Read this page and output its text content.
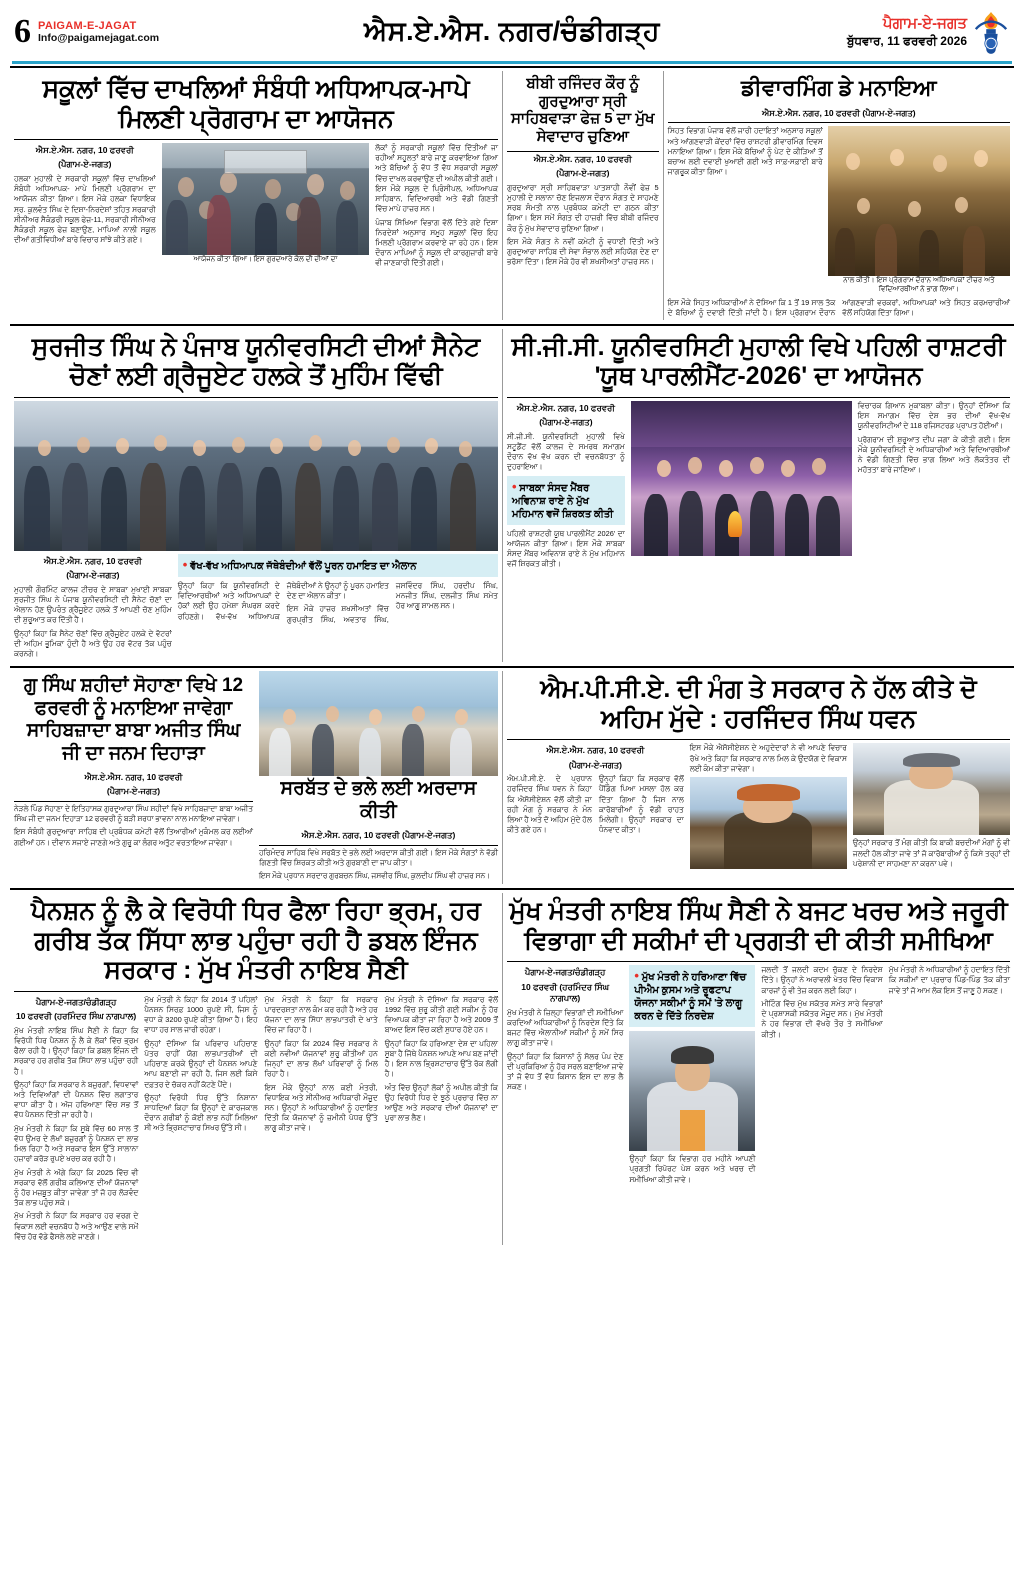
6 PAIGAM-E-JAGAT
Info@paigamejagat.com	ਐਸ.ਏ.ਐਸ. ਨਗਰ/ਚੰਡੀਗੜ੍ਹ	ਪੈਗਾਮ-ਏ-ਜਗਤ
ਬੁੱਧਵਾਰ, 11 ਫਰਵਰੀ 2026
ਸਕੂਲਾਂ ਵਿੱਚ ਦਾਖਲਿਆਂ ਸੰਬੰਧੀ ਅਧਿਆਪਕ-ਮਾਪੇ ਮਿਲਣੀ ਪ੍ਰੋਗਰਾਮ ਦਾ ਆਯੋਜਨ
ਐਸ.ਏ.ਐਸ. ਨਗਰ, 10 ਫਰਵਰੀ
(ਪੈਗਾਮ-ਏ-ਜਗਤ)

ਹਲਕਾ ਮੁਹਾਲੀ ਦੇ ਸਰਕਾਰੀ ਸਕੂਲਾਂ ਵਿੱਚ ਦਾਖਲਿਆਂ ਸੰਬੰਧੀ ਅਧਿਆਪਕ- ਮਾਪੇ ਮਿਲਣੀ ਪ੍ਰੋਗਰਾਮ ਦਾ ਆਯੋਜਨ ਕੀਤਾ ਗਿਆ। ਇਸ ਮੌਕੇ ਹਲਕਾ ਵਿਧਾਇਕ ਸ੍ਰ. ਕੁਲਵੰਤ ਸਿੰਘ ਦੇ ਦਿਸ਼ਾ-ਨਿਰਦੇਸ਼ਾਂ ਤਹਿਤ ਸਰਕਾਰੀ ਸੀਨੀਅਰ ਸੈਕੰਡਰੀ ਸਕੂਲ ਫੇਜ਼-11, ਸਰਕਾਰੀ ਸੀਨੀਅਰ ਸੈਕੰਡਰੀ ਸਕੂਲ ਫੇਜ਼ ਬਣਾਉਣ, ਮਾਪਿਆਂ ਨਾਲੀ ਸਕੂਲ ਦੀਆਂ ਗਤੀਵਿਧੀਆਂ ਬਾਰੇ ਵਿਚਾਰ ਸਾਂਝੇ ਕੀਤੇ ਗਏ।

ਆਯੋਜਨ ਕੀਤਾ ਗਿਆ। ਇਸ ਗੁਰਦਆਰੇ ਕੋਲ ਦੀ ਦੀਆਂ ਦਾ

ਲੋਕਾਂ ਨੂੰ ਸਰਕਾਰੀ ਸਕੂਲਾਂ ਵਿੱਚ ਦਿੱਤੀਆਂ ਜਾ ਰਹੀਆਂ ਸਹੂਲਤਾਂ ਬਾਰੇ ਜਾਣੂ ਕਰਵਾਇਆ ਗਿਆ ਅਤੇ ਬੱਚਿਆਂ ਨੂੰ ਵੱਧ ਤੋਂ ਵੱਧ ਸਰਕਾਰੀ ਸਕੂਲਾਂ ਵਿੱਚ ਦਾਖਲ ਕਰਵਾਉਣ ਦੀ ਅਪੀਲ ਕੀਤੀ ਗਈ। ਇਸ ਮੌਕੇ ਸਕੂਲ ਦੇ ਪ੍ਰਿੰਸੀਪਲ, ਅਧਿਆਪਕ ਸਾਹਿਬਾਨ, ਵਿਦਿਆਰਥੀ ਅਤੇ ਵੱਡੀ ਗਿਣਤੀ ਵਿੱਚ ਮਾਪੇ ਹਾਜ਼ਰ ਸਨ।

ਪੰਜਾਬ ਸਿੱਖਿਆ ਵਿਭਾਗ ਵੱਲੋਂ ਦਿੱਤੇ ਗਏ ਦਿਸ਼ਾ ਨਿਰਦੇਸ਼ਾਂ ਅਨੁਸਾਰ ਸਮੂਹ ਸਕੂਲਾਂ ਵਿੱਚ ਇਹ ਮਿਲਣੀ ਪ੍ਰੋਗਰਾਮ ਕਰਵਾਏ ਜਾ ਰਹੇ ਹਨ। ਇਸ ਦੌਰਾਨ ਮਾਪਿਆਂ ਨੂੰ ਸਕੂਲ ਦੀ ਕਾਰਗੁਜ਼ਾਰੀ ਬਾਰੇ ਵੀ ਜਾਣਕਾਰੀ ਦਿੱਤੀ ਗਈ।

ਬੀਬੀ ਰਜਿੰਦਰ ਕੌਰ ਨੂੰ ਗੁਰਦੁਆਰਾ ਸ੍ਰੀ ਸਾਹਿਬਵਾੜਾ ਫੇਜ਼ 5 ਦਾ ਮੁੱਖ ਸੇਵਾਦਾਰ ਚੁਣਿਆ
ਐਸ.ਏ.ਐਸ. ਨਗਰ, 10 ਫਰਵਰੀ
(ਪੈਗਾਮ-ਏ-ਜਗਤ)

ਗੁਰਦੁਆਰਾ ਸ੍ਰੀ ਸਾਹਿਬਵਾੜਾ ਪਾਤਸ਼ਾਹੀ ਨੌਵੀਂ ਫੇਜ਼ 5 ਮੁਹਾਲੀ ਦੇ ਸਲਾਨਾ ਚੋਣ ਇਜਲਾਸ ਦੌਰਾਨ ਸੰਗਤ ਦੇ ਸਾਹਮਣੇ ਸਰਬ ਸੰਮਤੀ ਨਾਲ ਪ੍ਰਬੰਧਕ ਕਮੇਟੀ ਦਾ ਗਠਨ ਕੀਤਾ ਗਿਆ। ਇਸ ਸਮੇਂ ਸੰਗਤ ਦੀ ਹਾਜ਼ਰੀ ਵਿੱਚ ਬੀਬੀ ਰਜਿੰਦਰ ਕੌਰ ਨੂੰ ਮੁੱਖ ਸੇਵਾਦਾਰ ਚੁਣਿਆ ਗਿਆ।

ਇਸ ਮੌਕੇ ਸੰਗਤ ਨੇ ਨਵੀਂ ਕਮੇਟੀ ਨੂੰ ਵਧਾਈ ਦਿੱਤੀ ਅਤੇ ਗੁਰਦੁਆਰਾ ਸਾਹਿਬ ਦੀ ਸੇਵਾ ਸੰਭਾਲ ਲਈ ਸਹਿਯੋਗ ਦੇਣ ਦਾ ਭਰੋਸਾ ਦਿੱਤਾ। ਇਸ ਮੌਕੇ ਹੋਰ ਵੀ ਸ਼ਖਸੀਅਤਾਂ ਹਾਜ਼ਰ ਸਨ।

ਡੀਵਾਰਮਿੰਗ ਡੇ ਮਨਾਇਆ
ਐਸ.ਏ.ਐਸ. ਨਗਰ, 10 ਫਰਵਰੀ (ਪੈਗਾਮ-ਏ-ਜਗਤ)

ਸਿਹਤ ਵਿਭਾਗ ਪੰਜਾਬ ਵੱਲੋਂ ਜਾਰੀ ਹਦਾਇਤਾਂ ਅਨੁਸਾਰ ਸਕੂਲਾਂ ਅਤੇ ਆਂਗਣਵਾੜੀ ਕੇਂਦਰਾਂ ਵਿੱਚ ਰਾਸ਼ਟਰੀ ਡੀਵਾਰਮਿੰਗ ਦਿਵਸ ਮਨਾਇਆ ਗਿਆ। ਇਸ ਮੌਕੇ ਬੱਚਿਆਂ ਨੂੰ ਪੇਟ ਦੇ ਕੀੜਿਆਂ ਤੋਂ ਬਚਾਅ ਲਈ ਦਵਾਈ ਖੁਆਈ ਗਈ ਅਤੇ ਸਾਫ਼-ਸਫ਼ਾਈ ਬਾਰੇ ਜਾਗਰੂਕ ਕੀਤਾ ਗਿਆ।

ਨਾਲ ਕੀਤੀ। ਇਸ ਪ੍ਰੋਗਰਾਮ ਦੌਰਾਨ ਅਧਿਆਪਕਾਂ ਟੀਚਰ ਅਤੇ ਵਿਦਿਆਰਥੀਆਂ ਨੇ ਭਾਗ ਲਿਆ।

ਇਸ ਮੌਕੇ ਸਿਹਤ ਅਧਿਕਾਰੀਆਂ ਨੇ ਦੱਸਿਆ ਕਿ 1 ਤੋਂ 19 ਸਾਲ ਤੱਕ ਦੇ ਬੱਚਿਆਂ ਨੂੰ ਦਵਾਈ ਦਿੱਤੀ ਜਾਂਦੀ ਹੈ। ਇਸ ਪ੍ਰੋਗਰਾਮ ਦੌਰਾਨ ਆਂਗਣਵਾੜੀ ਵਰਕਰਾਂ, ਅਧਿਆਪਕਾਂ ਅਤੇ ਸਿਹਤ ਕਰਮਚਾਰੀਆਂ ਵੱਲੋਂ ਸਹਿਯੋਗ ਦਿੱਤਾ ਗਿਆ।

ਸੁਰਜੀਤ ਸਿੰਘ ਨੇ ਪੰਜਾਬ ਯੂਨੀਵਰਸਿਟੀ ਦੀਆਂ ਸੈਨੇਟ ਚੋਣਾਂ ਲਈ ਗ੍ਰੈਜੂਏਟ ਹਲਕੇ ਤੋਂ ਮੁਹਿੰਮ ਵਿੱਢੀ
ਐਸ.ਏ.ਐਸ. ਨਗਰ, 10 ਫਰਵਰੀ
(ਪੈਗਾਮ-ਏ-ਜਗਤ)

ਮੁਹਾਲੀ ਗੌਰਮਿੰਟ ਕਾਲਜ ਟੀਚਰ ਦੇ ਸਾਬਕਾ ਮੁਖਾਈ ਸਾਬਕਾ ਸੁਰਜੀਤ ਸਿੰਘ ਨੇ ਪੰਜਾਬ ਯੂਨੀਵਰਸਿਟੀ ਦੀ ਸੈਨੇਟ ਚੋਣਾਂ ਦਾ ਐਲਾਨ ਹੋਣ ਉਪਰੰਤ ਗ੍ਰੈਜੂਏਟ ਹਲਕੇ ਤੋਂ ਆਪਣੀ ਚੋਣ ਮੁਹਿੰਮ ਦੀ ਸ਼ੁਰੂਆਤ ਕਰ ਦਿੱਤੀ ਹੈ।

ਉਨ੍ਹਾਂ ਕਿਹਾ ਕਿ ਸੈਨੇਟ ਚੋਣਾਂ ਵਿੱਚ ਗ੍ਰੈਜੂਏਟ ਹਲਕੇ ਦੇ ਵੋਟਰਾਂ ਦੀ ਅਹਿਮ ਭੂਮਿਕਾ ਹੁੰਦੀ ਹੈ ਅਤੇ ਉਹ ਹਰ ਵੋਟਰ ਤੱਕ ਪਹੁੰਚ ਕਰਨਗੇ।

• ਵੱਖ-ਵੱਖ ਅਧਿਆਪਕ ਜੱਥੇਬੰਦੀਆਂ ਵੱਲੋਂ ਪੂਰਨ ਹਮਾਇਤ ਦਾ ਐਲਾਨ

ਉਨ੍ਹਾਂ ਕਿਹਾ ਕਿ ਯੂਨੀਵਰਸਿਟੀ ਦੇ ਵਿਦਿਆਰਥੀਆਂ ਅਤੇ ਅਧਿਆਪਕਾਂ ਦੇ ਹੱਕਾਂ ਲਈ ਉਹ ਹਮੇਸ਼ਾ ਸੰਘਰਸ਼ ਕਰਦੇ ਰਹਿਣਗੇ। ਵੱਖ-ਵੱਖ ਅਧਿਆਪਕ ਜੱਥੇਬੰਦੀਆਂ ਨੇ ਉਨ੍ਹਾਂ ਨੂੰ ਪੂਰਨ ਹਮਾਇਤ ਦੇਣ ਦਾ ਐਲਾਨ ਕੀਤਾ।

ਇਸ ਮੌਕੇ ਹਾਜ਼ਰ ਸ਼ਖਸੀਅਤਾਂ ਵਿੱਚ ਗੁਰਪ੍ਰੀਤ ਸਿੰਘ, ਅਵਤਾਰ ਸਿੰਘ, ਜਸਵਿੰਦਰ ਸਿੰਘ, ਹਰਦੀਪ ਸਿੰਘ, ਮਨਜੀਤ ਸਿੰਘ, ਦਲਜੀਤ ਸਿੰਘ ਸਮੇਤ ਹੋਰ ਆਗੂ ਸ਼ਾਮਲ ਸਨ।

ਸੀ.ਜੀ.ਸੀ. ਯੂਨੀਵਰਸਿਟੀ ਮੁਹਾਲੀ ਵਿਖੇ ਪਹਿਲੀ ਰਾਸ਼ਟਰੀ 'ਯੂਥ ਪਾਰਲੀਮੈਂਟ-2026' ਦਾ ਆਯੋਜਨ
ਐਸ.ਏ.ਐਸ. ਨਗਰ, 10 ਫਰਵਰੀ
(ਪੈਗਾਮ-ਏ-ਜਗਤ)

ਸੀ.ਜੀ.ਸੀ. ਯੂਨੀਵਰਸਿਟੀ ਮੁਹਾਲੀ ਵਿਖੇ ਸਟੂਡੈਂਟ ਵੱਲੋਂ ਕਾਲਜ ਦੇ ਸਮਰਥ ਸਮਾਗਮ ਦੌਰਾਨ ਵੱਖ ਵੱਖ ਕਰਨ ਦੀ ਵਚਨਬੱਧਤਾ ਨੂੰ ਦੁਹਰਾਇਆ।

• ਸਾਬਕਾ ਸੰਸਦ ਮੈਂਬਰ ਅਵਿਨਾਸ਼ ਰਾਏ ਨੇ ਮੁੱਖ ਮਹਿਮਾਨ ਵਜੋਂ ਸ਼ਿਰਕਤ ਕੀਤੀ

ਪਹਿਲੀ ਰਾਸ਼ਟਰੀ ਯੂਥ ਪਾਰਲੀਮੈਂਟ 2026' ਦਾ ਆਯੋਜਨ ਕੀਤਾ ਗਿਆ। ਇਸ ਮੌਕੇ ਸਾਬਕਾ ਸੰਸਦ ਮੈਂਬਰ ਅਵਿਨਾਸ਼ ਰਾਏ ਨੇ ਮੁੱਖ ਮਹਿਮਾਨ ਵਜੋਂ ਸ਼ਿਰਕਤ ਕੀਤੀ।

ਵਿਚਾਰਕ ਗਿਆਨ ਮੁਕਾਬਲਾ ਕੀਤਾ। ਉਨ੍ਹਾਂ ਦੱਸਿਆ ਕਿ ਇਸ ਸਮਾਗਮ ਵਿੱਚ ਦੇਸ਼ ਭਰ ਦੀਆਂ ਵੱਖ-ਵੱਖ ਯੂਨੀਵਰਸਿਟੀਆਂ ਦੇ 118 ਰਜਿਸਟਰਡ ਪ੍ਰਾਪਤ ਹੋਈਆਂ।

ਪ੍ਰੋਗਰਾਮ ਦੀ ਸ਼ੁਰੂਆਤ ਦੀਪ ਜਗਾ ਕੇ ਕੀਤੀ ਗਈ। ਇਸ ਮੌਕੇ ਯੂਨੀਵਰਸਿਟੀ ਦੇ ਅਧਿਕਾਰੀਆਂ ਅਤੇ ਵਿਦਿਆਰਥੀਆਂ ਨੇ ਵੱਡੀ ਗਿਣਤੀ ਵਿੱਚ ਭਾਗ ਲਿਆ ਅਤੇ ਲੋਕਤੰਤਰ ਦੀ ਮਹੱਤਤਾ ਬਾਰੇ ਜਾਣਿਆ।

ਗੁ ਸਿੰਘ ਸ਼ਹੀਦਾਂ ਸੋਹਾਣਾ ਵਿਖੇ 12 ਫਰਵਰੀ ਨੂੰ ਮਨਾਇਆ ਜਾਵੇਗਾ ਸਾਹਿਬਜ਼ਾਦਾ ਬਾਬਾ ਅਜੀਤ ਸਿੰਘ ਜੀ ਦਾ ਜਨਮ ਦਿਹਾੜਾ
ਐਸ.ਏ.ਐਸ. ਨਗਰ, 10 ਫਰਵਰੀ
(ਪੈਗਾਮ-ਏ-ਜਗਤ)

ਨੇੜਲੇ ਪਿੰਡ ਸੋਹਾਣਾ ਦੇ ਇਤਿਹਾਸਕ ਗੁਰਦੁਆਰਾ ਸਿੰਘ ਸ਼ਹੀਦਾਂ ਵਿਖੇ ਸਾਹਿਬਜ਼ਾਦਾ ਬਾਬਾ ਅਜੀਤ ਸਿੰਘ ਜੀ ਦਾ ਜਨਮ ਦਿਹਾੜਾ 12 ਫਰਵਰੀ ਨੂੰ ਬੜੀ ਸ਼ਰਧਾ ਭਾਵਨਾ ਨਾਲ ਮਨਾਇਆ ਜਾਵੇਗਾ।

ਇਸ ਸੰਬੰਧੀ ਗੁਰਦੁਆਰਾ ਸਾਹਿਬ ਦੀ ਪ੍ਰਬੰਧਕ ਕਮੇਟੀ ਵੱਲੋਂ ਤਿਆਰੀਆਂ ਮੁਕੰਮਲ ਕਰ ਲਈਆਂ ਗਈਆਂ ਹਨ। ਦੀਵਾਨ ਸਜਾਏ ਜਾਣਗੇ ਅਤੇ ਗੁਰੂ ਕਾ ਲੰਗਰ ਅਤੁੱਟ ਵਰਤਾਇਆ ਜਾਵੇਗਾ।

ਸਰਬੱਤ ਦੇ ਭਲੇ ਲਈ ਅਰਦਾਸ ਕੀਤੀ
ਐਸ.ਏ.ਐਸ. ਨਗਰ, 10 ਫਰਵਰੀ (ਪੈਗਾਮ-ਏ-ਜਗਤ)

ਹਰਿਮੰਦਰ ਸਾਹਿਬ ਵਿਖੇ ਸਰਬੱਤ ਦੇ ਭਲੇ ਲਈ ਅਰਦਾਸ ਕੀਤੀ ਗਈ। ਇਸ ਮੌਕੇ ਸੰਗਤਾਂ ਨੇ ਵੱਡੀ ਗਿਣਤੀ ਵਿੱਚ ਸ਼ਿਰਕਤ ਕੀਤੀ ਅਤੇ ਗੁਰਬਾਣੀ ਦਾ ਜਾਪ ਕੀਤਾ।

ਇਸ ਮੌਕੇ ਪ੍ਰਧਾਨ ਸਰਦਾਰ ਗੁਰਬਚਨ ਸਿੰਘ, ਜਸਵੀਰ ਸਿੰਘ, ਕੁਲਦੀਪ ਸਿੰਘ ਵੀ ਹਾਜ਼ਰ ਸਨ।

ਐਮ.ਪੀ.ਸੀ.ਏ. ਦੀ ਮੰਗ ਤੇ ਸਰਕਾਰ ਨੇ ਹੱਲ ਕੀਤੇ ਦੋ ਅਹਿਮ ਮੁੱਦੇ : ਹਰਜਿੰਦਰ ਸਿੰਘ ਧਵਨ
ਐਸ.ਏ.ਐਸ. ਨਗਰ, 10 ਫਰਵਰੀ
(ਪੈਗਾਮ-ਏ-ਜਗਤ)

ਐਮ.ਪੀ.ਸੀ.ਏ. ਦੇ ਪ੍ਰਧਾਨ ਹਰਜਿੰਦਰ ਸਿੰਘ ਧਵਨ ਨੇ ਕਿਹਾ ਕਿ ਐਸੋਸੀਏਸ਼ਨ ਵੱਲੋਂ ਕੀਤੀ ਜਾ ਰਹੀ ਮੰਗ ਨੂੰ ਸਰਕਾਰ ਨੇ ਮੰਨ ਲਿਆ ਹੈ ਅਤੇ ਦੋ ਅਹਿਮ ਮੁੱਦੇ ਹੱਲ ਕੀਤੇ ਗਏ ਹਨ।

ਉਨ੍ਹਾਂ ਕਿਹਾ ਕਿ ਸਰਕਾਰ ਵੱਲੋਂ ਪੈਂਡਿੰਗ ਪਿਆ ਮਸਲਾ ਹੱਲ ਕਰ ਦਿੱਤਾ ਗਿਆ ਹੈ ਜਿਸ ਨਾਲ ਕਾਰੋਬਾਰੀਆਂ ਨੂੰ ਵੱਡੀ ਰਾਹਤ ਮਿਲੇਗੀ। ਉਨ੍ਹਾਂ ਸਰਕਾਰ ਦਾ ਧੰਨਵਾਦ ਕੀਤਾ।

ਇਸ ਮੌਕੇ ਐਸੋਸੀਏਸ਼ਨ ਦੇ ਅਹੁਦੇਦਾਰਾਂ ਨੇ ਵੀ ਆਪਣੇ ਵਿਚਾਰ ਰੱਖੇ ਅਤੇ ਕਿਹਾ ਕਿ ਸਰਕਾਰ ਨਾਲ ਮਿਲ ਕੇ ਉਦਯੋਗ ਦੇ ਵਿਕਾਸ ਲਈ ਕੰਮ ਕੀਤਾ ਜਾਵੇਗਾ।

ਉਨ੍ਹਾਂ ਸਰਕਾਰ ਤੋਂ ਮੰਗ ਕੀਤੀ ਕਿ ਬਾਕੀ ਬਚਦੀਆਂ ਮੰਗਾਂ ਨੂੰ ਵੀ ਜਲਦੀ ਹੱਲ ਕੀਤਾ ਜਾਵੇ ਤਾਂ ਜੋ ਕਾਰੋਬਾਰੀਆਂ ਨੂੰ ਕਿਸੇ ਤਰ੍ਹਾਂ ਦੀ ਪਰੇਸ਼ਾਨੀ ਦਾ ਸਾਹਮਣਾ ਨਾ ਕਰਨਾ ਪਵੇ।

ਪੈਨਸ਼ਨ ਨੂੰ ਲੈ ਕੇ ਵਿਰੋਧੀ ਧਿਰ ਫੈਲਾ ਰਿਹਾ ਭ੍ਰਮ, ਹਰ ਗਰੀਬ ਤੱਕ ਸਿੱਧਾ ਲਾਭ ਪਹੁੰਚਾ ਰਹੀ ਹੈ ਡਬਲ ਇੰਜਨ ਸਰਕਾਰ : ਮੁੱਖ ਮੰਤਰੀ ਨਾਇਬ ਸੈਣੀ
ਪੈਗਾਮ-ਏ-ਜਗਤ/ਚੰਡੀਗੜ੍ਹ
10 ਫਰਵਰੀ (ਹਰਮਿੰਦਰ ਸਿੰਘ ਨਾਗਪਾਲ)

ਮੁੱਖ ਮੰਤਰੀ ਨਾਇਬ ਸਿੰਘ ਸੈਣੀ ਨੇ ਕਿਹਾ ਕਿ ਵਿਰੋਧੀ ਧਿਰ ਪੈਨਸ਼ਨ ਨੂੰ ਲੈ ਕੇ ਲੋਕਾਂ ਵਿੱਚ ਭ੍ਰਮ ਫੈਲਾ ਰਹੀ ਹੈ। ਉਨ੍ਹਾਂ ਕਿਹਾ ਕਿ ਡਬਲ ਇੰਜਨ ਦੀ ਸਰਕਾਰ ਹਰ ਗਰੀਬ ਤੱਕ ਸਿੱਧਾ ਲਾਭ ਪਹੁੰਚਾ ਰਹੀ ਹੈ।

ਉਨ੍ਹਾਂ ਕਿਹਾ ਕਿ ਸਰਕਾਰ ਨੇ ਬਜ਼ੁਰਗਾਂ, ਵਿਧਵਾਵਾਂ ਅਤੇ ਦਿਵਿਆਂਗਾਂ ਦੀ ਪੈਨਸ਼ਨ ਵਿੱਚ ਲਗਾਤਾਰ ਵਾਧਾ ਕੀਤਾ ਹੈ। ਅੱਜ ਹਰਿਆਣਾ ਵਿੱਚ ਸਭ ਤੋਂ ਵੱਧ ਪੈਨਸ਼ਨ ਦਿੱਤੀ ਜਾ ਰਹੀ ਹੈ।

ਮੁੱਖ ਮੰਤਰੀ ਨੇ ਕਿਹਾ ਕਿ ਸੂਬੇ ਵਿੱਚ 60 ਸਾਲ ਤੋਂ ਵੱਧ ਉਮਰ ਦੇ ਲੱਖਾਂ ਬਜ਼ੁਰਗਾਂ ਨੂੰ ਪੈਨਸ਼ਨ ਦਾ ਲਾਭ ਮਿਲ ਰਿਹਾ ਹੈ ਅਤੇ ਸਰਕਾਰ ਇਸ ਉੱਤੇ ਸਾਲਾਨਾ ਹਜ਼ਾਰਾਂ ਕਰੋੜ ਰੁਪਏ ਖਰਚ ਕਰ ਰਹੀ ਹੈ।

ਮੁੱਖ ਮੰਤਰੀ ਨੇ ਅੱਗੇ ਕਿਹਾ ਕਿ 2025 ਵਿੱਚ ਵੀ ਸਰਕਾਰ ਵੱਲੋਂ ਗਰੀਬ ਕਲਿਆਣ ਦੀਆਂ ਯੋਜਨਾਵਾਂ ਨੂੰ ਹੋਰ ਮਜ਼ਬੂਤ ਕੀਤਾ ਜਾਵੇਗਾ ਤਾਂ ਜੋ ਹਰ ਲੋੜਵੰਦ ਤੱਕ ਲਾਭ ਪਹੁੰਚ ਸਕੇ।

ਮੁੱਖ ਮੰਤਰੀ ਨੇ ਕਿਹਾ ਕਿ ਸਰਕਾਰ ਹਰ ਵਰਗ ਦੇ ਵਿਕਾਸ ਲਈ ਵਚਨਬੱਧ ਹੈ ਅਤੇ ਆਉਣ ਵਾਲੇ ਸਮੇਂ ਵਿੱਚ ਹੋਰ ਵੱਡੇ ਫੈਸਲੇ ਲਏ ਜਾਣਗੇ।

ਮੁੱਖ ਮੰਤਰੀ ਨੇ ਕਿਹਾ ਕਿ 2014 ਤੋਂ ਪਹਿਲਾਂ ਪੈਨਸ਼ਨ ਸਿਰਫ਼ 1000 ਰੁਪਏ ਸੀ, ਜਿਸ ਨੂੰ ਵਧਾ ਕੇ 3200 ਰੁਪਏ ਕੀਤਾ ਗਿਆ ਹੈ। ਇਹ ਵਾਧਾ ਹਰ ਸਾਲ ਜਾਰੀ ਰਹੇਗਾ।

ਉਨ੍ਹਾਂ ਦੱਸਿਆ ਕਿ ਪਰਿਵਾਰ ਪਹਿਚਾਣ ਪੱਤਰ ਰਾਹੀਂ ਯੋਗ ਲਾਭਪਾਤਰੀਆਂ ਦੀ ਪਹਿਚਾਣ ਕਰਕੇ ਉਨ੍ਹਾਂ ਦੀ ਪੈਨਸ਼ਨ ਆਪਣੇ ਆਪ ਬਣਾਈ ਜਾ ਰਹੀ ਹੈ, ਜਿਸ ਲਈ ਕਿਸੇ ਦਫ਼ਤਰ ਦੇ ਚੱਕਰ ਨਹੀਂ ਕੱਟਣੇ ਪੈਂਦੇ।

ਉਨ੍ਹਾਂ ਵਿਰੋਧੀ ਧਿਰ ਉੱਤੇ ਨਿਸ਼ਾਨਾ ਸਾਧਦਿਆਂ ਕਿਹਾ ਕਿ ਉਨ੍ਹਾਂ ਦੇ ਕਾਰਜਕਾਲ ਦੌਰਾਨ ਗਰੀਬਾਂ ਨੂੰ ਕੋਈ ਲਾਭ ਨਹੀਂ ਮਿਲਿਆ ਸੀ ਅਤੇ ਭ੍ਰਿਸ਼ਟਾਚਾਰ ਸਿਖਰ ਉੱਤੇ ਸੀ।

ਮੁੱਖ ਮੰਤਰੀ ਨੇ ਕਿਹਾ ਕਿ ਸਰਕਾਰ ਪਾਰਦਰਸ਼ਤਾ ਨਾਲ ਕੰਮ ਕਰ ਰਹੀ ਹੈ ਅਤੇ ਹਰ ਯੋਜਨਾ ਦਾ ਲਾਭ ਸਿੱਧਾ ਲਾਭਪਾਤਰੀ ਦੇ ਖਾਤੇ ਵਿੱਚ ਜਾ ਰਿਹਾ ਹੈ।

ਉਨ੍ਹਾਂ ਕਿਹਾ ਕਿ 2024 ਵਿੱਚ ਸਰਕਾਰ ਨੇ ਕਈ ਨਵੀਆਂ ਯੋਜਨਾਵਾਂ ਸ਼ੁਰੂ ਕੀਤੀਆਂ ਹਨ ਜਿਨ੍ਹਾਂ ਦਾ ਲਾਭ ਲੱਖਾਂ ਪਰਿਵਾਰਾਂ ਨੂੰ ਮਿਲ ਰਿਹਾ ਹੈ।

ਇਸ ਮੌਕੇ ਉਨ੍ਹਾਂ ਨਾਲ ਕਈ ਮੰਤਰੀ, ਵਿਧਾਇਕ ਅਤੇ ਸੀਨੀਅਰ ਅਧਿਕਾਰੀ ਮੌਜੂਦ ਸਨ। ਉਨ੍ਹਾਂ ਨੇ ਅਧਿਕਾਰੀਆਂ ਨੂੰ ਹਦਾਇਤ ਦਿੱਤੀ ਕਿ ਯੋਜਨਾਵਾਂ ਨੂੰ ਜ਼ਮੀਨੀ ਪੱਧਰ ਉੱਤੇ ਲਾਗੂ ਕੀਤਾ ਜਾਵੇ।

ਮੁੱਖ ਮੰਤਰੀ ਨੇ ਦੱਸਿਆ ਕਿ ਸਰਕਾਰ ਵੱਲੋਂ 1992 ਵਿੱਚ ਸ਼ੁਰੂ ਕੀਤੀ ਗਈ ਸਕੀਮ ਨੂੰ ਹੋਰ ਵਿਆਪਕ ਕੀਤਾ ਜਾ ਰਿਹਾ ਹੈ ਅਤੇ 2009 ਤੋਂ ਬਾਅਦ ਇਸ ਵਿੱਚ ਕਈ ਸੁਧਾਰ ਹੋਏ ਹਨ।

ਉਨ੍ਹਾਂ ਕਿਹਾ ਕਿ ਹਰਿਆਣਾ ਦੇਸ਼ ਦਾ ਪਹਿਲਾ ਸੂਬਾ ਹੈ ਜਿੱਥੇ ਪੈਨਸ਼ਨ ਆਪਣੇ ਆਪ ਬਣ ਜਾਂਦੀ ਹੈ। ਇਸ ਨਾਲ ਭ੍ਰਿਸ਼ਟਾਚਾਰ ਉੱਤੇ ਰੋਕ ਲੱਗੀ ਹੈ।

ਅੰਤ ਵਿੱਚ ਉਨ੍ਹਾਂ ਲੋਕਾਂ ਨੂੰ ਅਪੀਲ ਕੀਤੀ ਕਿ ਉਹ ਵਿਰੋਧੀ ਧਿਰ ਦੇ ਝੂਠੇ ਪ੍ਰਚਾਰ ਵਿੱਚ ਨਾ ਆਉਣ ਅਤੇ ਸਰਕਾਰ ਦੀਆਂ ਯੋਜਨਾਵਾਂ ਦਾ ਪੂਰਾ ਲਾਭ ਲੈਣ।

ਮੁੱਖ ਮੰਤਰੀ ਨਾਇਬ ਸਿੰਘ ਸੈਣੀ ਨੇ ਬਜਟ ਖਰਚ ਅਤੇ ਜਰੂਰੀ ਵਿਭਾਗਾ ਦੀ ਸਕੀਮਾਂ ਦੀ ਪ੍ਰਗਤੀ ਦੀ ਕੀਤੀ ਸਮੀਖਿਆ
ਪੈਗਾਮ-ਏ-ਜਗਤ/ਚੰਡੀਗੜ੍ਹ
10 ਫਰਵਰੀ (ਹਰਮਿੰਦਰ ਸਿੰਘ ਨਾਗਪਾਲ)

ਮੁੱਖ ਮੰਤਰੀ ਨੇ ਜ਼ਿਲ੍ਹਾ ਵਿਭਾਗਾਂ ਦੀ ਸਮੀਖਿਆ ਕਰਦਿਆਂ ਅਧਿਕਾਰੀਆਂ ਨੂੰ ਨਿਰਦੇਸ਼ ਦਿੱਤੇ ਕਿ ਬਜਟ ਵਿੱਚ ਐਲਾਨੀਆਂ ਸਕੀਮਾਂ ਨੂੰ ਸਮੇਂ ਸਿਰ ਲਾਗੂ ਕੀਤਾ ਜਾਵੇ।

ਉਨ੍ਹਾਂ ਕਿਹਾ ਕਿ ਕਿਸਾਨਾਂ ਨੂੰ ਸੋਲਰ ਪੰਪ ਦੇਣ ਦੀ ਪ੍ਰਕਿਰਿਆ ਨੂੰ ਹੋਰ ਸਰਲ ਬਣਾਇਆ ਜਾਵੇ ਤਾਂ ਜੋ ਵੱਧ ਤੋਂ ਵੱਧ ਕਿਸਾਨ ਇਸ ਦਾ ਲਾਭ ਲੈ ਸਕਣ।

• ਮੁੱਖ ਮੰਤਰੀ ਨੇ ਹਰਿਆਣਾ ਵਿੱਚ ਪੀਐਮ ਕੁਸਮ ਅਤੇ ਰੂਫਟਾਪ ਯੋਜਨਾ ਸਕੀਮਾਂ ਨੂੰ ਸਮੇਂ 'ਤੇ ਲਾਗੂ ਕਰਨ ਦੇ ਦਿੱਤੇ ਨਿਰਦੇਸ਼

ਉਨ੍ਹਾਂ ਕਿਹਾ ਕਿ ਵਿਭਾਗ ਹਰ ਮਹੀਨੇ ਆਪਣੀ ਪ੍ਰਗਤੀ ਰਿਪੋਰਟ ਪੇਸ਼ ਕਰਨ ਅਤੇ ਖਰਚ ਦੀ ਸਮੀਖਿਆ ਕੀਤੀ ਜਾਵੇ।

ਜਲਦੀ ਤੋਂ ਜਲਦੀ ਕਦਮ ਚੁੱਕਣ ਦੇ ਨਿਰਦੇਸ਼ ਦਿੱਤੇ। ਉਨ੍ਹਾਂ ਨੇ ਅਰਾਵਲੀ ਖੇਤਰ ਵਿੱਚ ਵਿਕਾਸ ਕਾਰਜਾਂ ਨੂੰ ਵੀ ਤੇਜ਼ ਕਰਨ ਲਈ ਕਿਹਾ।

ਮੀਟਿੰਗ ਵਿੱਚ ਮੁੱਖ ਸਕੱਤਰ ਸਮੇਤ ਸਾਰੇ ਵਿਭਾਗਾਂ ਦੇ ਪ੍ਰਸ਼ਾਸਕੀ ਸਕੱਤਰ ਮੌਜੂਦ ਸਨ। ਮੁੱਖ ਮੰਤਰੀ ਨੇ ਹਰ ਵਿਭਾਗ ਦੀ ਵੱਖਰੇ ਤੌਰ ਤੇ ਸਮੀਖਿਆ ਕੀਤੀ।

ਮੁੱਖ ਮੰਤਰੀ ਨੇ ਅਧਿਕਾਰੀਆਂ ਨੂੰ ਹਦਾਇਤ ਦਿੱਤੀ ਕਿ ਸਕੀਮਾਂ ਦਾ ਪ੍ਰਚਾਰ ਪਿੰਡ-ਪਿੰਡ ਤੱਕ ਕੀਤਾ ਜਾਵੇ ਤਾਂ ਜੋ ਆਮ ਲੋਕ ਇਸ ਤੋਂ ਜਾਣੂ ਹੋ ਸਕਣ।
